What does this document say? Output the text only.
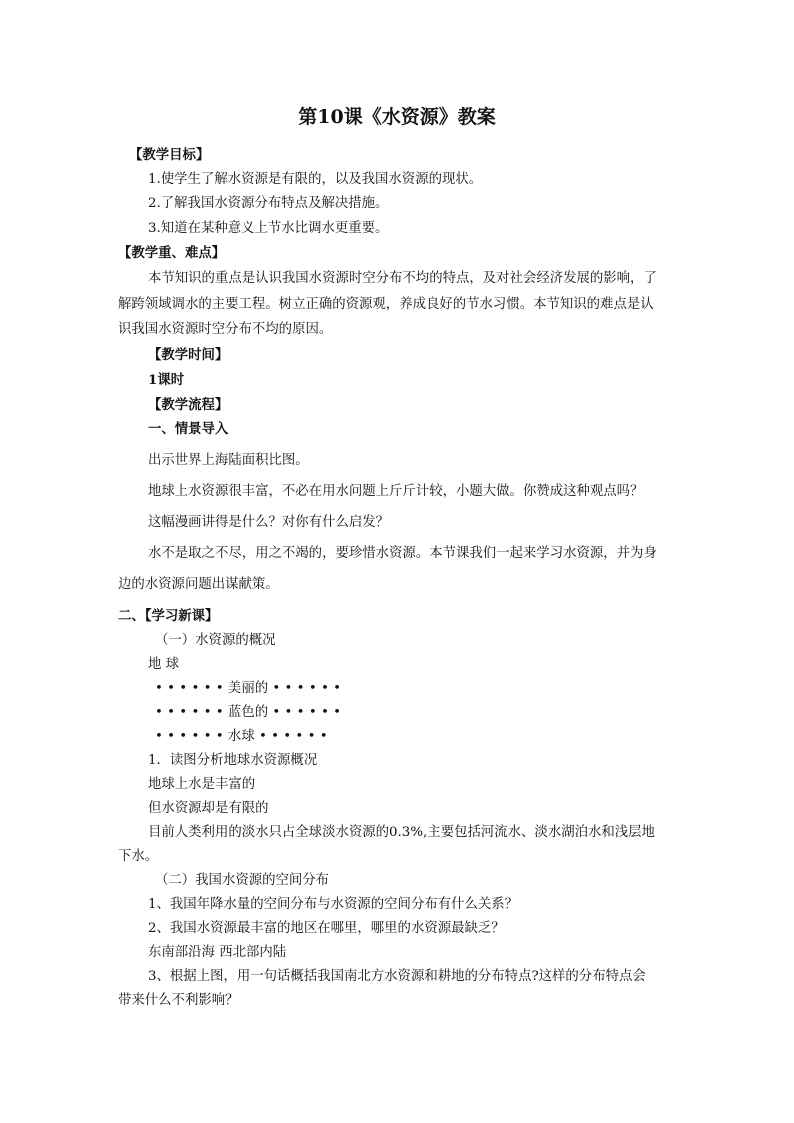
第10课《水资源》教案
【教学目标】
1.使学生了解水资源是有限的，以及我国水资源的现状。
2.了解我国水资源分布特点及解决措施。
3.知道在某种意义上节水比调水更重要。
【教学重、难点】
本节知识的重点是认识我国水资源时空分布不均的特点，及对社会经济发展的影响，了
解跨领域调水的主要工程。树立正确的资源观，养成良好的节水习惯。本节知识的难点是认
识我国水资源时空分布不均的原因。
【教学时间】
1课时
【教学流程】
一、情景导入
出示世界上海陆面积比图。
地球上水资源很丰富，不必在用水问题上斤斤计较，小题大做。你赞成这种观点吗？
这幅漫画讲得是什么？对你有什么启发？
水不是取之不尽，用之不竭的，要珍惜水资源。本节课我们一起来学习水资源，并为身
边的水资源问题出谋献策。
二、【学习新课】
（一）水资源的概况
地 球
• • • • • • 美丽的 • • • • • •
• • • • • • 蓝色的 • • • • • •
• • • • • • 水球 • • • • • •
1．读图分析地球水资源概况
地球上水是丰富的
但水资源却是有限的
目前人类利用的淡水只占全球淡水资源的0.3%,主要包括河流水、淡水湖泊水和浅层地
下水。
（二）我国水资源的空间分布
1、我国年降水量的空间分布与水资源的空间分布有什么关系？
2、我国水资源最丰富的地区在哪里，哪里的水资源最缺乏？
东南部沿海 西北部内陆
3、根据上图，用一句话概括我国南北方水资源和耕地的分布特点?这样的分布特点会
带来什么不利影响？
